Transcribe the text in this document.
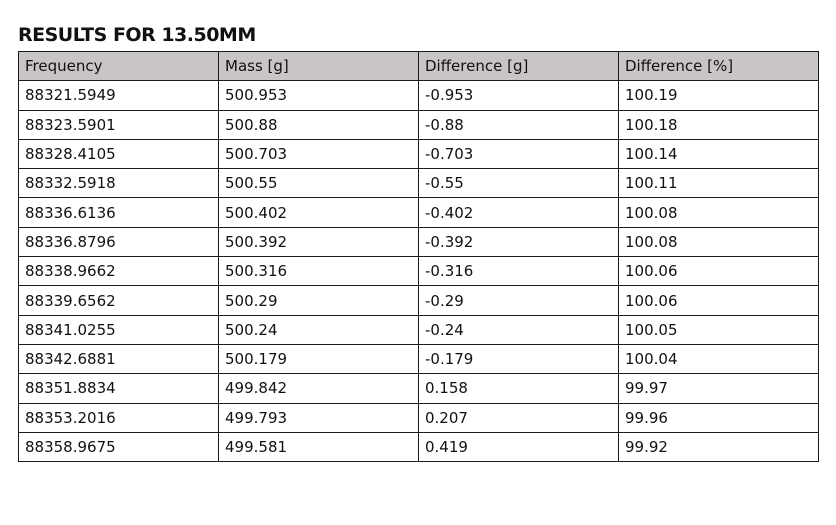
RESULTS FOR 13.50MM
Frequency	Mass [g]	Difference [g]	Difference [%]
88321.5949	500.953	-0.953	100.19
88323.5901	500.88	-0.88	100.18
88328.4105	500.703	-0.703	100.14
88332.5918	500.55	-0.55	100.11
88336.6136	500.402	-0.402	100.08
88336.8796	500.392	-0.392	100.08
88338.9662	500.316	-0.316	100.06
88339.6562	500.29	-0.29	100.06
88341.0255	500.24	-0.24	100.05
88342.6881	500.179	-0.179	100.04
88351.8834	499.842	0.158	99.97
88353.2016	499.793	0.207	99.96
88358.9675	499.581	0.419	99.92
